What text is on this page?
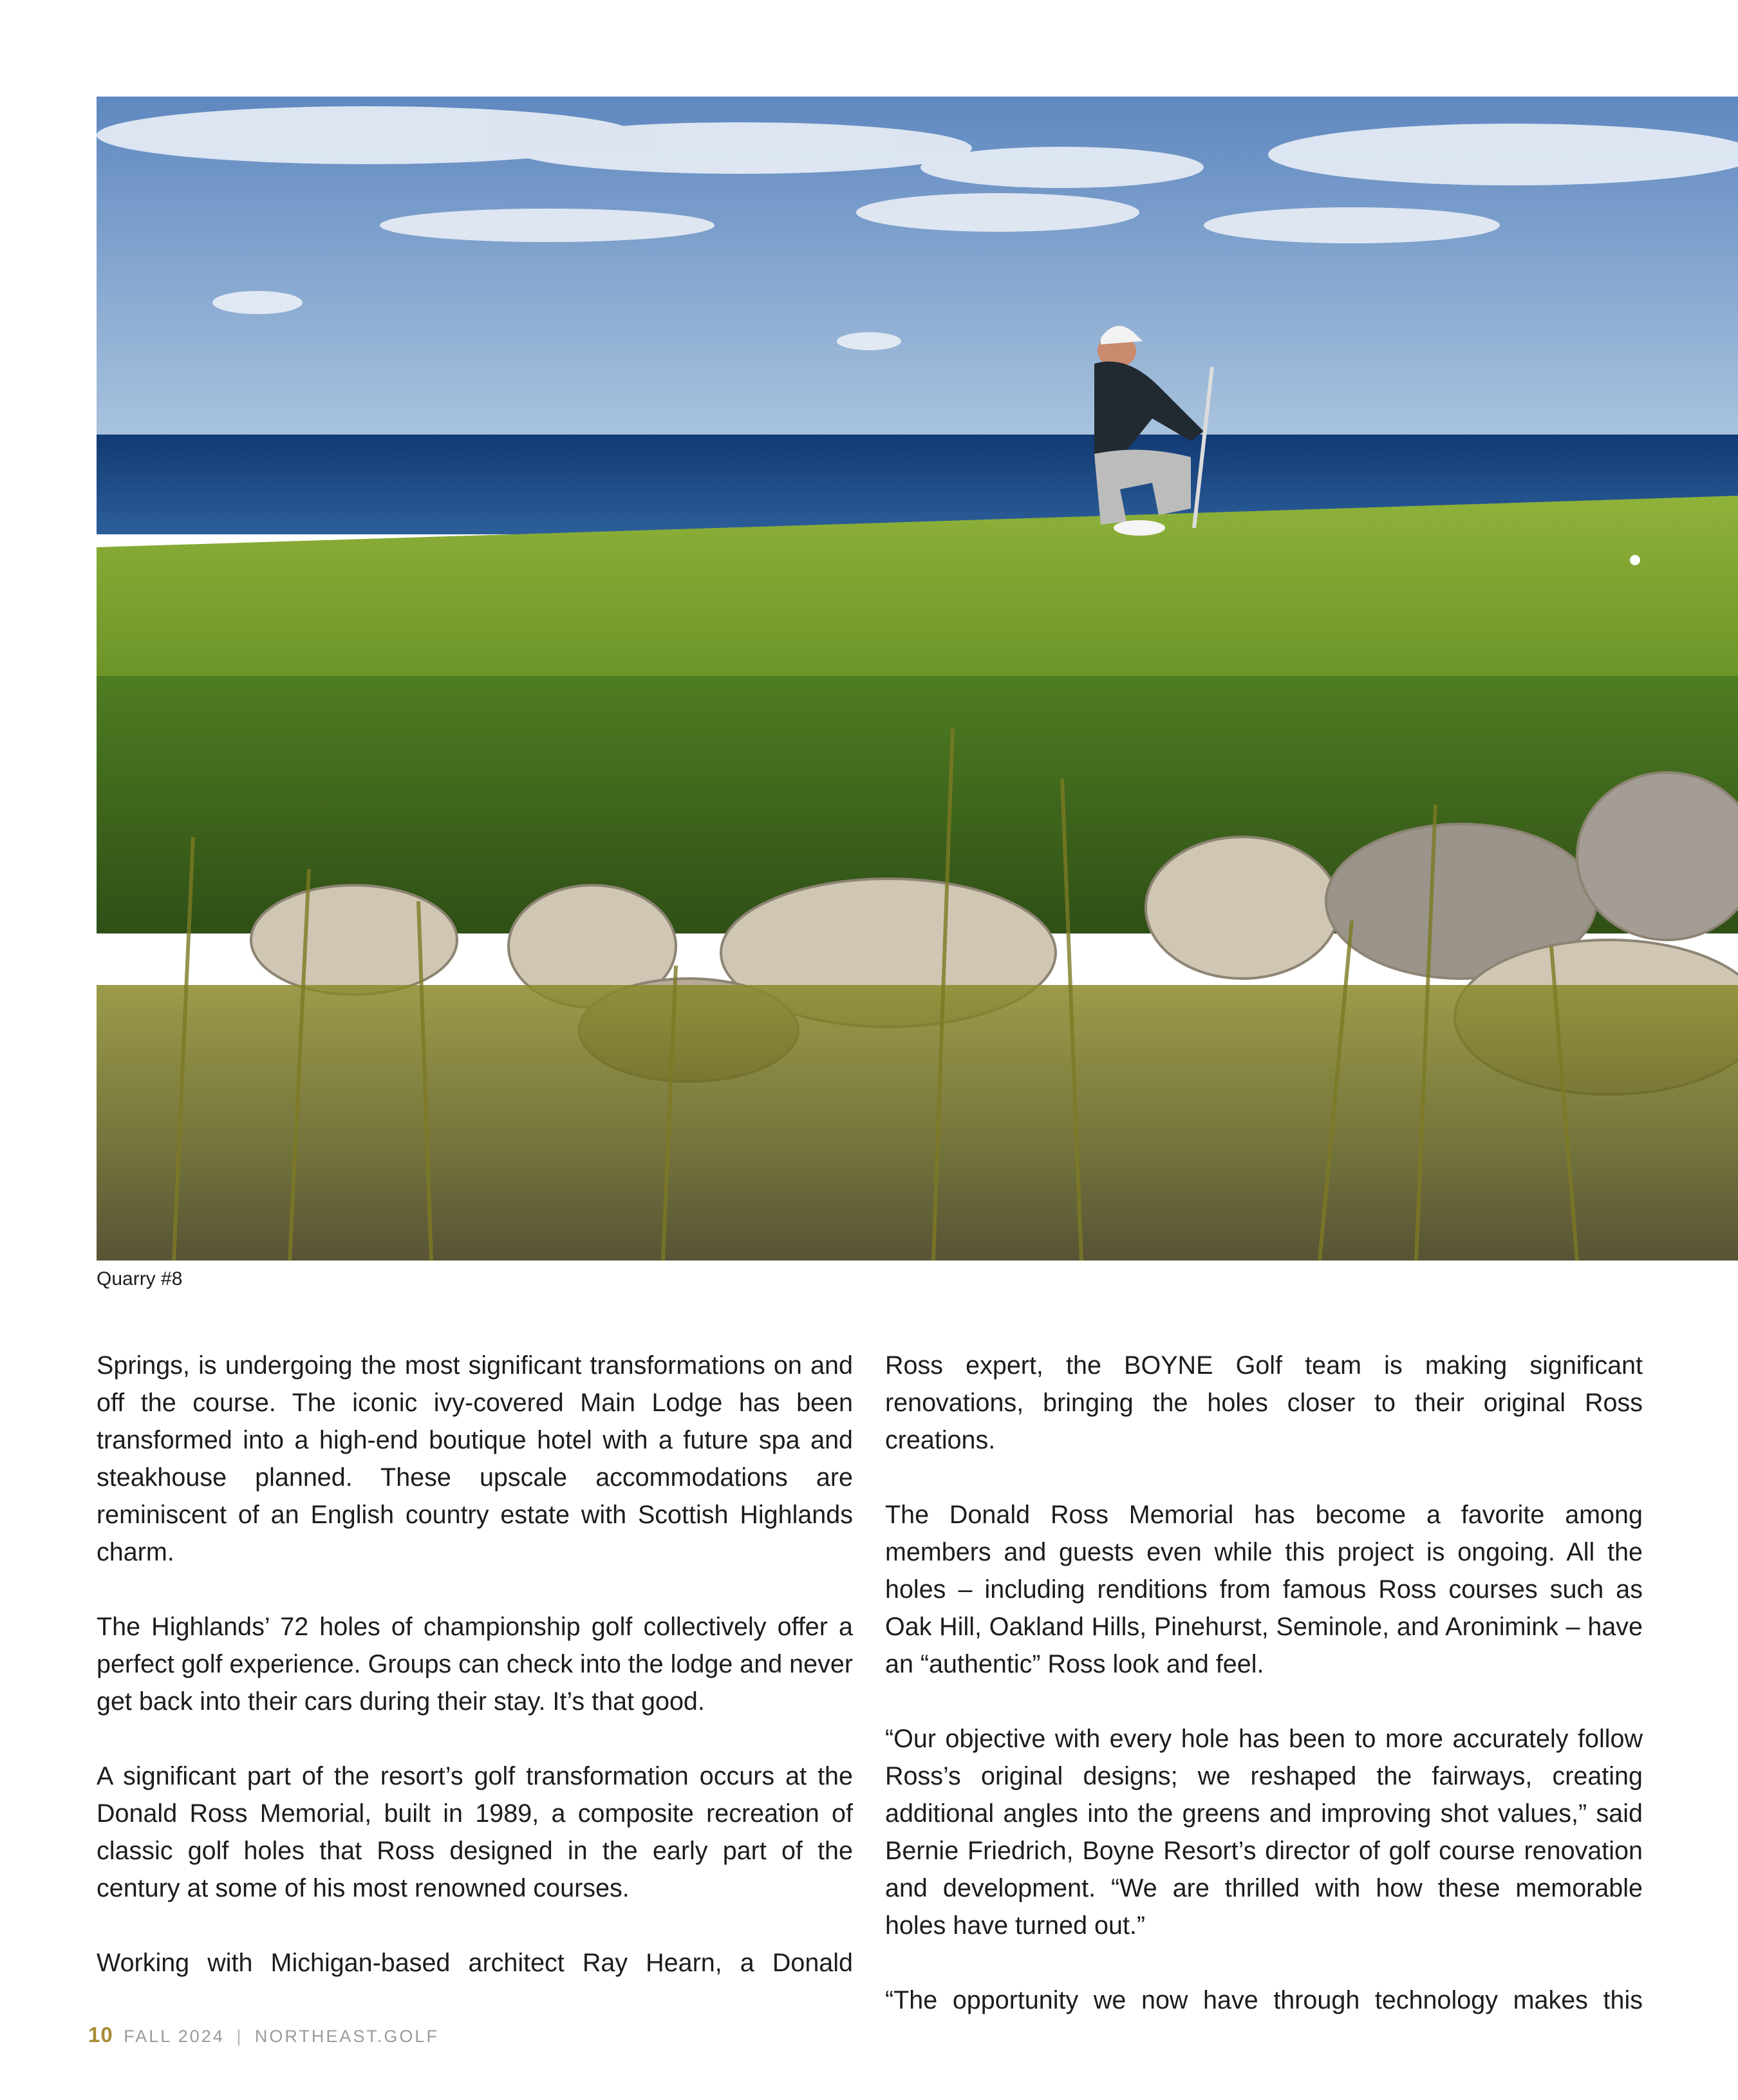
Quarry #8

Springs, is undergoing the most significant transformations on and off the course. The iconic ivy-covered Main Lodge has been transformed into a high-end boutique hotel with a future spa and steakhouse planned. These upscale accommodations are reminiscent of an English country estate with Scottish Highlands charm.

The Highlands’ 72 holes of championship golf collectively offer a perfect golf experience. Groups can check into the lodge and never get back into their cars during their stay. It’s that good.

A significant part of the resort’s golf transformation occurs at the Donald Ross Memorial, built in 1989, a composite recreation of classic golf holes that Ross designed in the early part of the century at some of his most renowned courses.

Working with Michigan-based architect Ray Hearn, a Donald

Ross expert, the BOYNE Golf team is making significant renovations, bringing the holes closer to their original Ross creations.

The Donald Ross Memorial has become a favorite among members and guests even while this project is ongoing. All the holes – including renditions from famous Ross courses such as Oak Hill, Oakland Hills, Pinehurst, Seminole, and Aronimink – have an “authentic” Ross look and feel.

“Our objective with every hole has been to more accurately follow Ross’s original designs; we reshaped the fairways, creating additional angles into the greens and improving shot values,” said Bernie Friedrich, Boyne Resort’s director of golf course renovation and development. “We are thrilled with how these memorable holes have turned out.”

“The opportunity we now have through technology makes this

10 FALL 2024 | NORTHEAST.GOLF
